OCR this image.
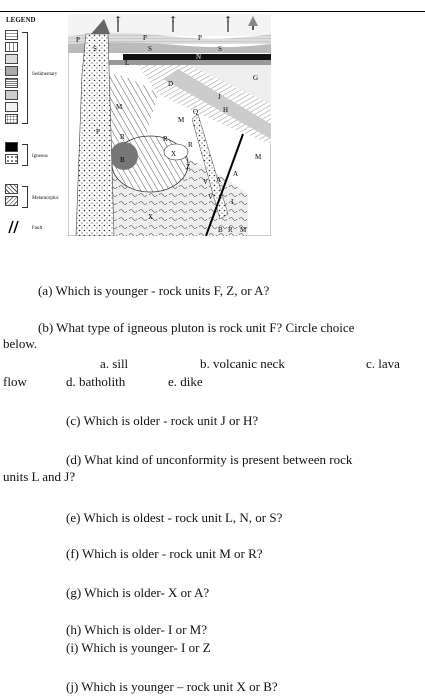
LEGEND
Sedimentary
Igneous
Metamorphic
Fault
T
P
T
P
T
P
S	S	S
N
L
D
G
J
M
Q	H
M
R
R
R
X
B
A
A
Z
V
I
F
B R M
M
V
X
(a) Which is younger - rock units F, Z, or A?
(b) What type of igneous pluton is rock unit F? Circle choice
below.
a. sill	b. volcanic neck	c. lava
flow	d. batholith	e. dike
(c) Which is older - rock unit J or H?
(d) What kind of unconformity is present between rock
units L and J?
(e) Which is oldest - rock unit L, N, or S?
(f) Which is older - rock unit M or R?
(g) Which is older- X or A?
(h) Which is older- I or M?
(i) Which is younger- I or Z
(j) Which is younger – rock unit X or B?
